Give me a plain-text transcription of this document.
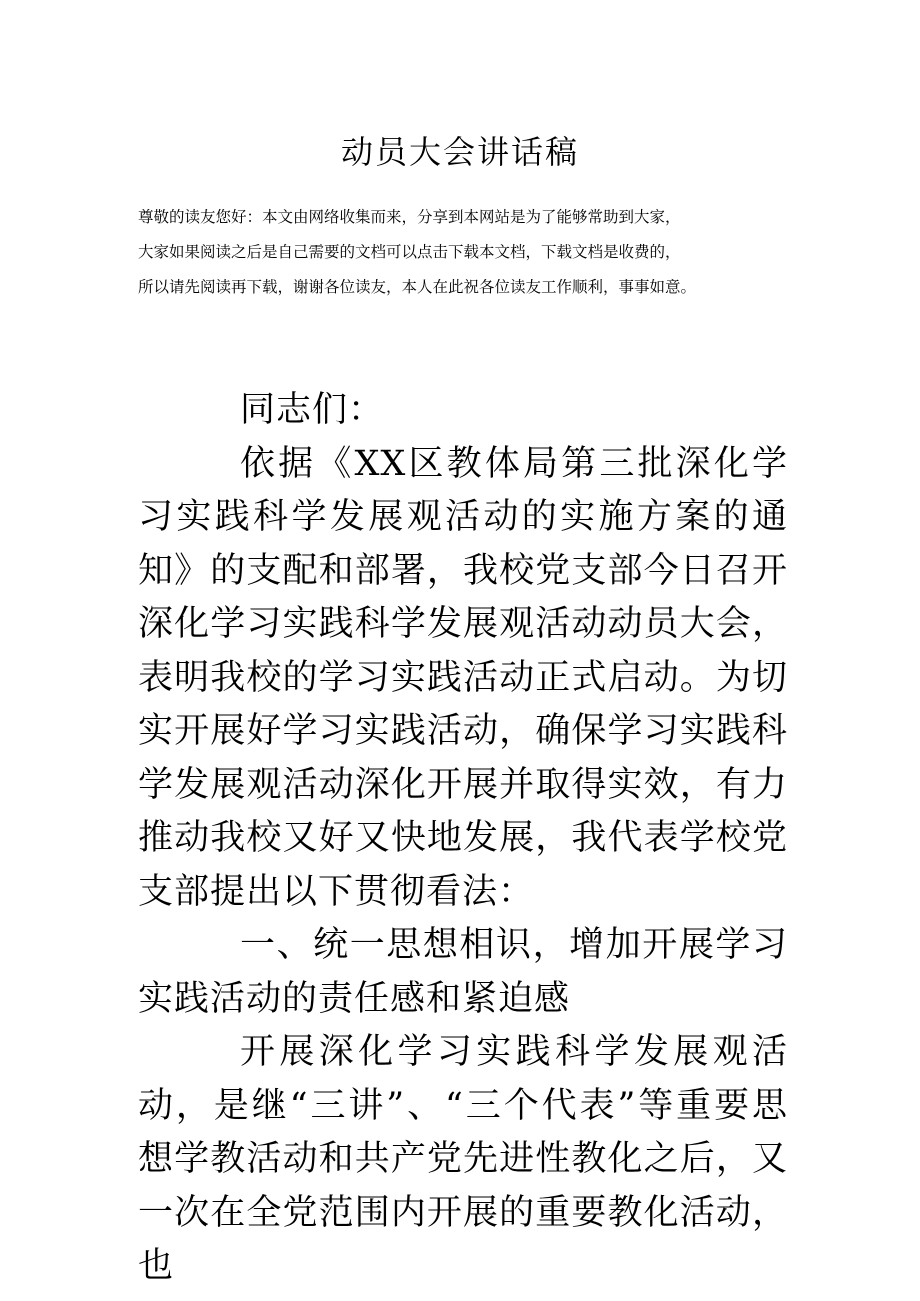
动员大会讲话稿

尊敬的读友您好：本文由网络收集而来，分享到本网站是为了能够常助到大家，

大家如果阅读之后是自己需要的文档可以点击下载本文档，下载文档是收费的，

所以请先阅读再下载，谢谢各位读友，本人在此祝各位读友工作顺利，事事如意。

同志们：

依据《XX区教体局第三批深化学习实践科学发展观活动的实施方案的通知》的支配和部署，我校党支部今日召开深化学习实践科学发展观活动动员大会，表明我校的学习实践活动正式启动。为切实开展好学习实践活动，确保学习实践科学发展观活动深化开展并取得实效，有力推动我校又好又快地发展，我代表学校党支部提出以下贯彻看法：

一、统一思想相识，增加开展学习实践活动的责任感和紧迫感

开展深化学习实践科学发展观活动，是继“三讲”、“三个代表”等重要思想学教活动和共产党先进性教化之后，又一次在全党范围内开展的重要教化活动，也
